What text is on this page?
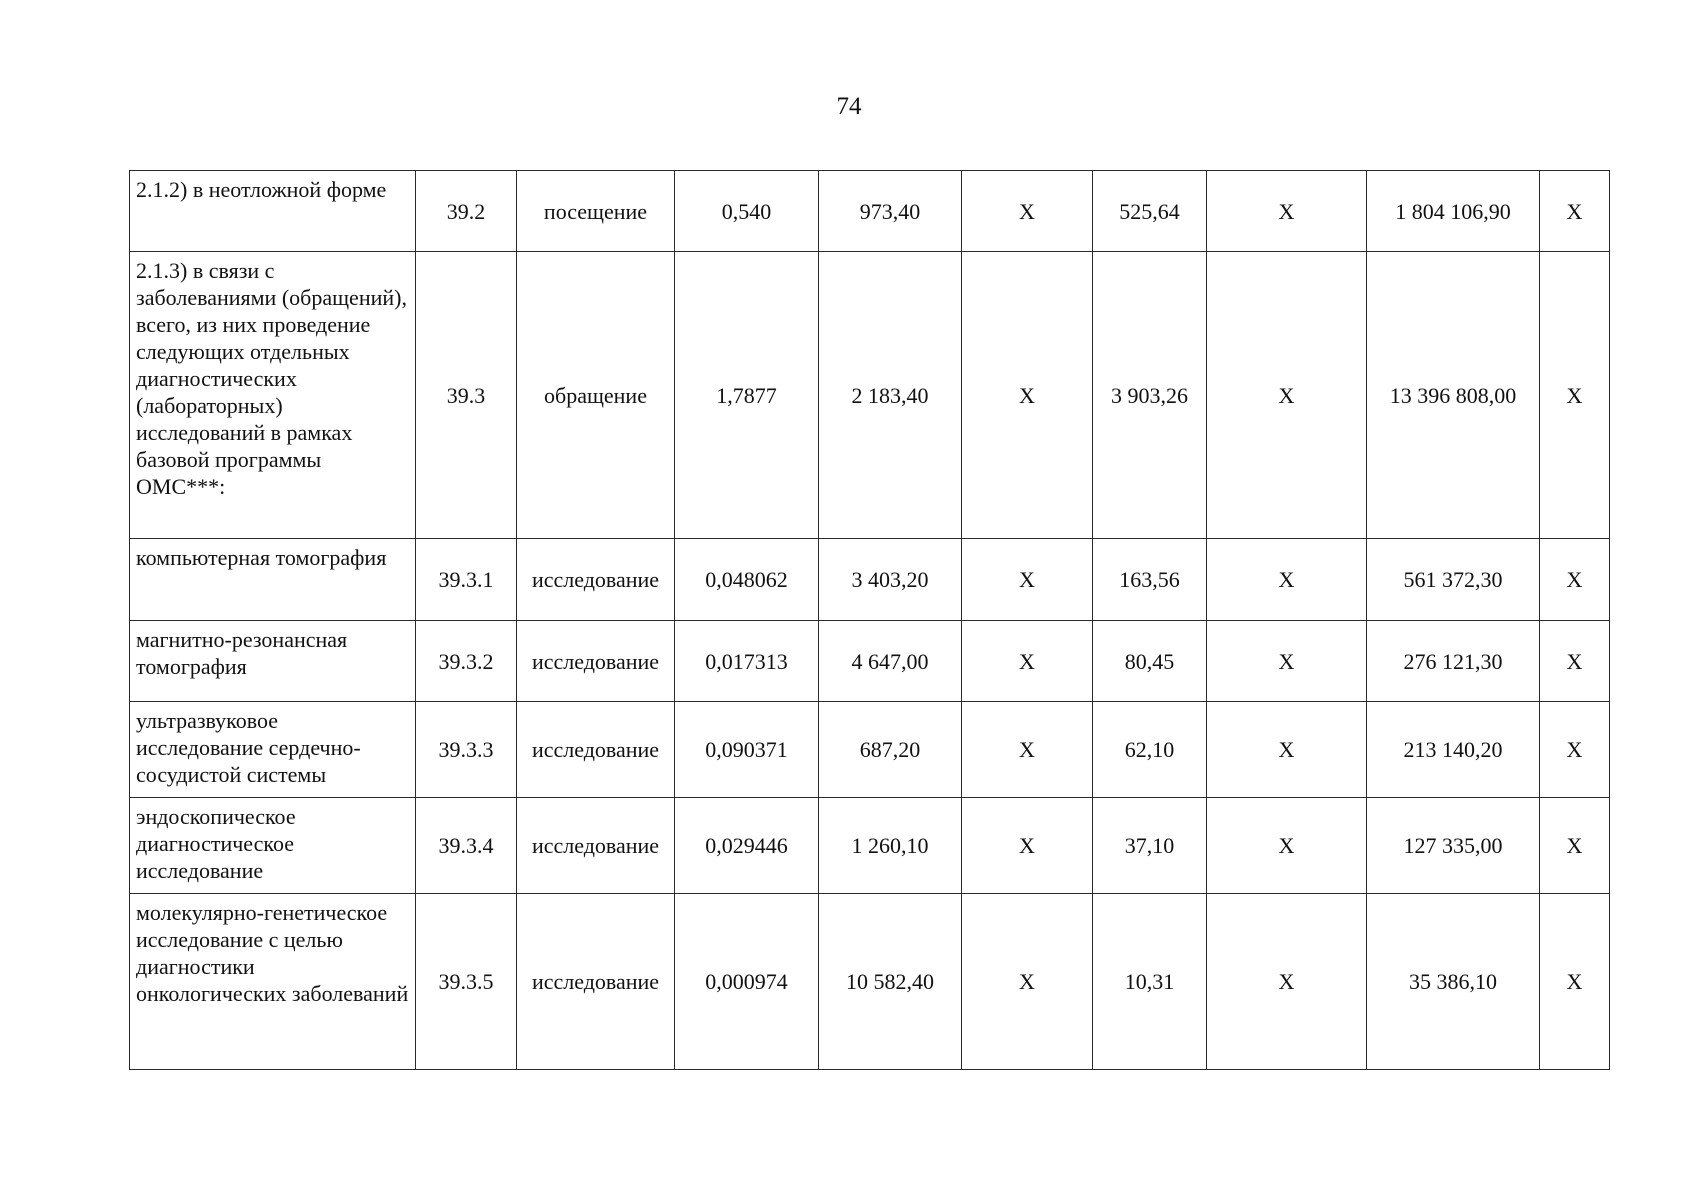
74
2.1.2) в неотложной форме	39.2	посещение	0,540	973,40	Х	525,64	Х	1 804 106,90	Х
2.1.3) в связи с заболеваниями (обращений), всего, из них проведение следующих отдельных диагностических (лабораторных) исследований в рамках базовой программы ОМС***:	39.3	обращение	1,7877	2 183,40	Х	3 903,26	Х	13 396 808,00	Х
компьютерная томография	39.3.1	исследование	0,048062	3 403,20	Х	163,56	Х	561 372,30	Х
магнитно-резонансная томография	39.3.2	исследование	0,017313	4 647,00	Х	80,45	Х	276 121,30	Х
ультразвуковое исследование сердечно-сосудистой системы	39.3.3	исследование	0,090371	687,20	Х	62,10	Х	213 140,20	Х
эндоскопическое диагностическое исследование	39.3.4	исследование	0,029446	1 260,10	Х	37,10	Х	127 335,00	Х
молекулярно-генетическое исследование с целью диагностики онкологических заболеваний	39.3.5	исследование	0,000974	10 582,40	Х	10,31	Х	35 386,10	Х
